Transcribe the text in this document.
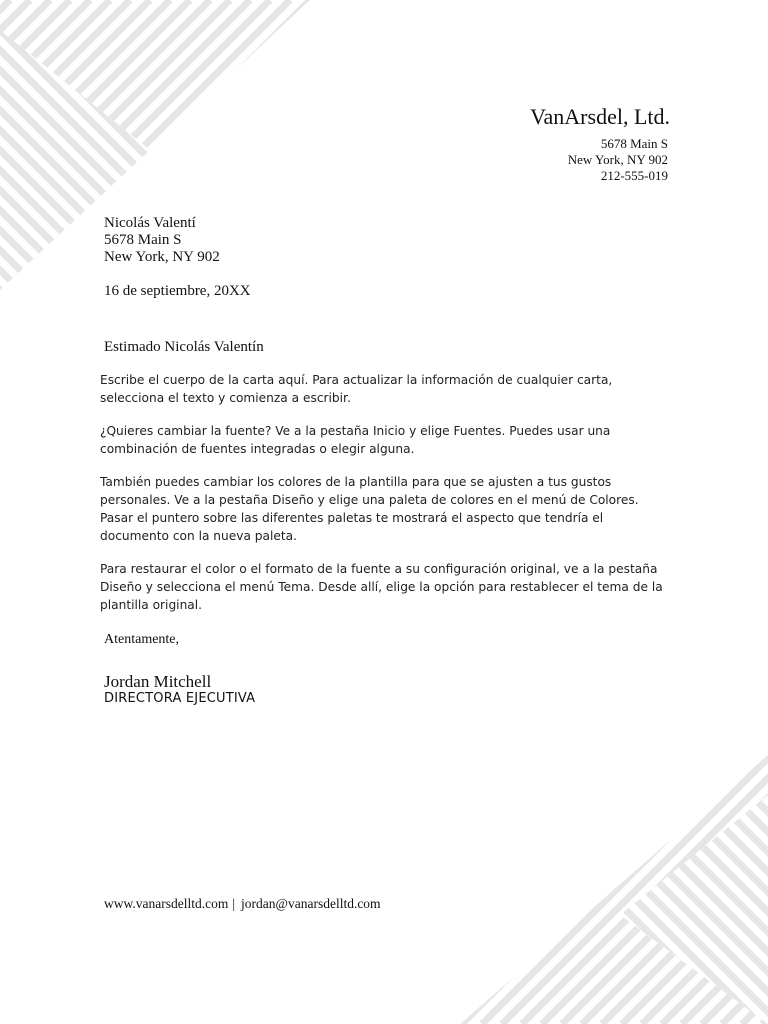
VanArsdel, Ltd.
5678 Main S
New York, NY 902
212-555-019
Nicolás Valentí
5678 Main S
New York, NY 902
16 de septiembre, 20XX
Estimado Nicolás Valentín

Escribe el cuerpo de la carta aquí. Para actualizar la información de cualquier carta, selecciona el texto y comienza a escribir.

¿Quieres cambiar la fuente? Ve a la pestaña Inicio y elige Fuentes. Puedes usar una combinación de fuentes integradas o elegir alguna.

También puedes cambiar los colores de la plantilla para que se ajusten a tus gustos personales. Ve a la pestaña Diseño y elige una paleta de colores en el menú de Colores. Pasar el puntero sobre las diferentes paletas te mostrará el aspecto que tendría el documento con la nueva paleta.

Para restaurar el color o el formato de la fuente a su configuración original, ve a la pestaña Diseño y selecciona el menú Tema. Desde allí, elige la opción para restablecer el tema de la plantilla original.

Atentamente,
Jordan Mitchell
DIRECTORA EJECUTIVA
www.vanarsdelltd.com | jordan@vanarsdelltd.com
